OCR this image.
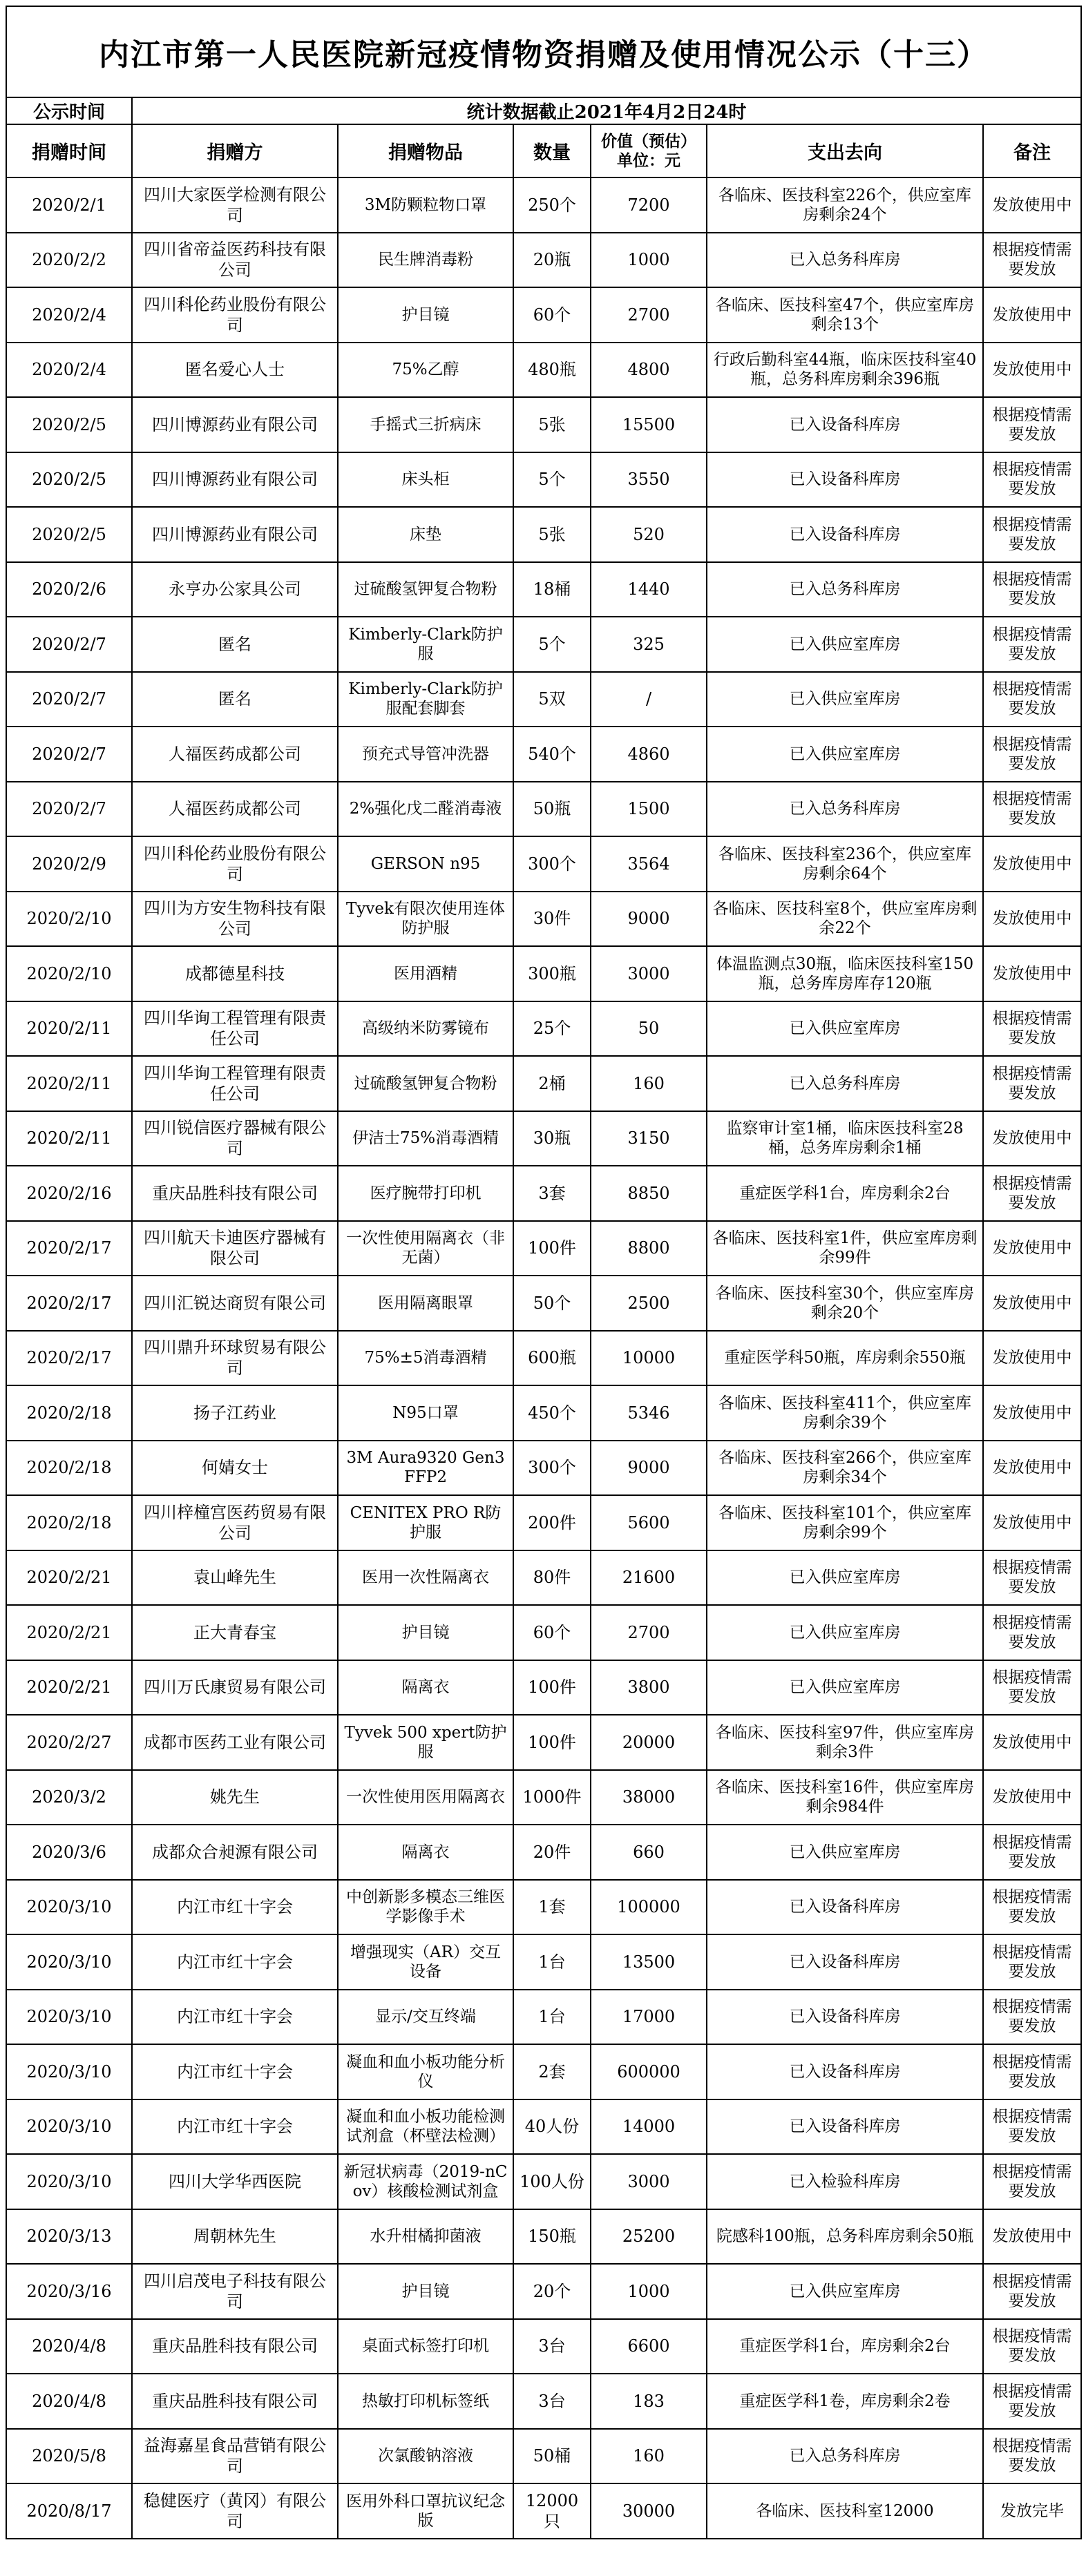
内江市第一人民医院新冠疫情物资捐赠及使用情况公示（十三）						
公示时间	统计数据截止2021年4月2日24时					
捐赠时间	捐赠方	捐赠物品	数量	价值（预估）单位：元	支出去向	备注
2020/2/1	四川大家医学检测有限公司	3M防颗粒物口罩	250个	7200	各临床、医技科室226个，供应室库房剩余24个	发放使用中
2020/2/2	四川省帝益医药科技有限公司	民生牌消毒粉	20瓶	1000	已入总务科库房	根据疫情需要发放
2020/2/4	四川科伦药业股份有限公司	护目镜	60个	2700	各临床、医技科室47个，供应室库房剩余13个	发放使用中
2020/2/4	匿名爱心人士	75%乙醇	480瓶	4800	行政后勤科室44瓶，临床医技科室40瓶，总务科库房剩余396瓶	发放使用中
2020/2/5	四川博源药业有限公司	手摇式三折病床	5张	15500	已入设备科库房	根据疫情需要发放
2020/2/5	四川博源药业有限公司	床头柜	5个	3550	已入设备科库房	根据疫情需要发放
2020/2/5	四川博源药业有限公司	床垫	5张	520	已入设备科库房	根据疫情需要发放
2020/2/6	永亨办公家具公司	过硫酸氢钾复合物粉	18桶	1440	已入总务科库房	根据疫情需要发放
2020/2/7	匿名	Kimberly-Clark防护服	5个	325	已入供应室库房	根据疫情需要发放
2020/2/7	匿名	Kimberly-Clark防护服配套脚套	5双	/	已入供应室库房	根据疫情需要发放
2020/2/7	人福医药成都公司	预充式导管冲洗器	540个	4860	已入供应室库房	根据疫情需要发放
2020/2/7	人福医药成都公司	2%强化戊二醛消毒液	50瓶	1500	已入总务科库房	根据疫情需要发放
2020/2/9	四川科伦药业股份有限公司	GERSON n95	300个	3564	各临床、医技科室236个，供应室库房剩余64个	发放使用中
2020/2/10	四川为方安生物科技有限公司	Tyvek有限次使用连体防护服	30件	9000	各临床、医技科室8个，供应室库房剩余22个	发放使用中
2020/2/10	成都德星科技	医用酒精	300瓶	3000	体温监测点30瓶，临床医技科室150瓶，总务库房库存120瓶	发放使用中
2020/2/11	四川华询工程管理有限责任公司	高级纳米防雾镜布	25个	50	已入供应室库房	根据疫情需要发放
2020/2/11	四川华询工程管理有限责任公司	过硫酸氢钾复合物粉	2桶	160	已入总务科库房	根据疫情需要发放
2020/2/11	四川锐信医疗器械有限公司	伊洁士75%消毒酒精	30瓶	3150	监察审计室1桶，临床医技科室28桶，总务库房剩余1桶	发放使用中
2020/2/16	重庆品胜科技有限公司	医疗腕带打印机	3套	8850	重症医学科1台，库房剩余2台	根据疫情需要发放
2020/2/17	四川航天卡迪医疗器械有限公司	一次性使用隔离衣（非无菌）	100件	8800	各临床、医技科室1件，供应室库房剩余99件	发放使用中
2020/2/17	四川汇锐达商贸有限公司	医用隔离眼罩	50个	2500	各临床、医技科室30个，供应室库房剩余20个	发放使用中
2020/2/17	四川鼎升环球贸易有限公司	75%±5消毒酒精	600瓶	10000	重症医学科50瓶，库房剩余550瓶	发放使用中
2020/2/18	扬子江药业	N95口罩	450个	5346	各临床、医技科室411个，供应室库房剩余39个	发放使用中
2020/2/18	何婧女士	3M Aura9320 Gen3 FFP2	300个	9000	各临床、医技科室266个，供应室库房剩余34个	发放使用中
2020/2/18	四川梓橦宫医药贸易有限公司	CENITEX PRO R防护服	200件	5600	各临床、医技科室101个，供应室库房剩余99个	发放使用中
2020/2/21	袁山峰先生	医用一次性隔离衣	80件	21600	已入供应室库房	根据疫情需要发放
2020/2/21	正大青春宝	护目镜	60个	2700	已入供应室库房	根据疫情需要发放
2020/2/21	四川万氏康贸易有限公司	隔离衣	100件	3800	已入供应室库房	根据疫情需要发放
2020/2/27	成都市医药工业有限公司	Tyvek 500 xpert防护服	100件	20000	各临床、医技科室97件，供应室库房剩余3件	发放使用中
2020/3/2	姚先生	一次性使用医用隔离衣	1000件	38000	各临床、医技科室16件，供应室库房剩余984件	发放使用中
2020/3/6	成都众合昶源有限公司	隔离衣	20件	660	已入供应室库房	根据疫情需要发放
2020/3/10	内江市红十字会	中创新影多模态三维医学影像手术	1套	100000	已入设备科库房	根据疫情需要发放
2020/3/10	内江市红十字会	增强现实（AR）交互设备	1台	13500	已入设备科库房	根据疫情需要发放
2020/3/10	内江市红十字会	显示/交互终端	1台	17000	已入设备科库房	根据疫情需要发放
2020/3/10	内江市红十字会	凝血和血小板功能分析仪	2套	600000	已入设备科库房	根据疫情需要发放
2020/3/10	内江市红十字会	凝血和血小板功能检测试剂盒（杯壁法检测）	40人份	14000	已入设备科库房	根据疫情需要发放
2020/3/10	四川大学华西医院	新冠状病毒（2019-nCov）核酸检测试剂盒	100人份	3000	已入检验科库房	根据疫情需要发放
2020/3/13	周朝林先生	水升柑橘抑菌液	150瓶	25200	院感科100瓶，总务科库房剩余50瓶	发放使用中
2020/3/16	四川启茂电子科技有限公司	护目镜	20个	1000	已入供应室库房	根据疫情需要发放
2020/4/8	重庆品胜科技有限公司	桌面式标签打印机	3台	6600	重症医学科1台，库房剩余2台	根据疫情需要发放
2020/4/8	重庆品胜科技有限公司	热敏打印机标签纸	3台	183	重症医学科1卷，库房剩余2卷	根据疫情需要发放
2020/5/8	益海嘉星食品营销有限公司	次氯酸钠溶液	50桶	160	已入总务科库房	根据疫情需要发放
2020/8/17	稳健医疗（黄冈）有限公司	医用外科口罩抗议纪念版	12000只	30000	各临床、医技科室12000	发放完毕
